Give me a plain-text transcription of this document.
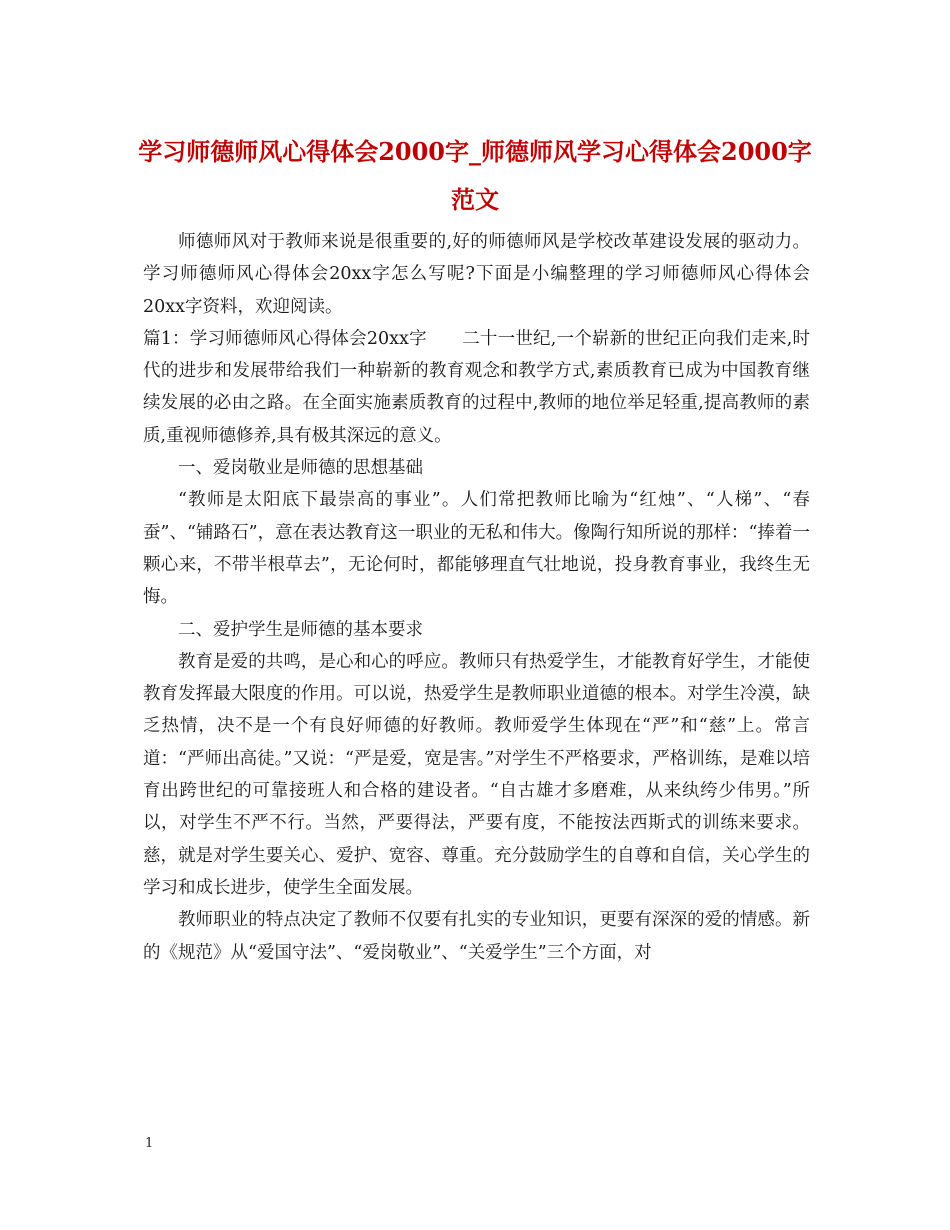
学习师德师风心得体会2000字_师德师风学习心得体会2000字范文

师德师风对于教师来说是很重要的,好的师德师风是学校改革建设发展的驱动力。学习师德师风心得体会20xx字怎么写呢?下面是小编整理的学习师德师风心得体会20xx字资料，欢迎阅读。

篇1：学习师德师风心得体会20xx字　　二十一世纪,一个崭新的世纪正向我们走来,时代的进步和发展带给我们一种崭新的教育观念和教学方式,素质教育已成为中国教育继续发展的必由之路。在全面实施素质教育的过程中,教师的地位举足轻重,提高教师的素质,重视师德修养,具有极其深远的意义。

一、爱岗敬业是师德的思想基础

“教师是太阳底下最崇高的事业”。人们常把教师比喻为“红烛”、“人梯”、“春蚕”、“铺路石”，意在表达教育这一职业的无私和伟大。像陶行知所说的那样：“捧着一颗心来，不带半根草去”，无论何时，都能够理直气壮地说，投身教育事业，我终生无悔。

二、爱护学生是师德的基本要求

教育是爱的共鸣，是心和心的呼应。教师只有热爱学生，才能教育好学生，才能使教育发挥最大限度的作用。可以说，热爱学生是教师职业道德的根本。对学生冷漠，缺乏热情，决不是一个有良好师德的好教师。教师爱学生体现在“严”和“慈”上。常言道：“严师出高徒。”又说：“严是爱，宽是害。”对学生不严格要求，严格训练，是难以培育出跨世纪的可靠接班人和合格的建设者。“自古雄才多磨难，从来纨绔少伟男。”所以，对学生不严不行。当然，严要得法，严要有度，不能按法西斯式的训练来要求。慈，就是对学生要关心、爱护、宽容、尊重。充分鼓励学生的自尊和自信，关心学生的学习和成长进步，使学生全面发展。

教师职业的特点决定了教师不仅要有扎实的专业知识，更要有深深的爱的情感。新的《规范》从“爱国守法”、“爱岗敬业”、“关爱学生”三个方面，对

1
